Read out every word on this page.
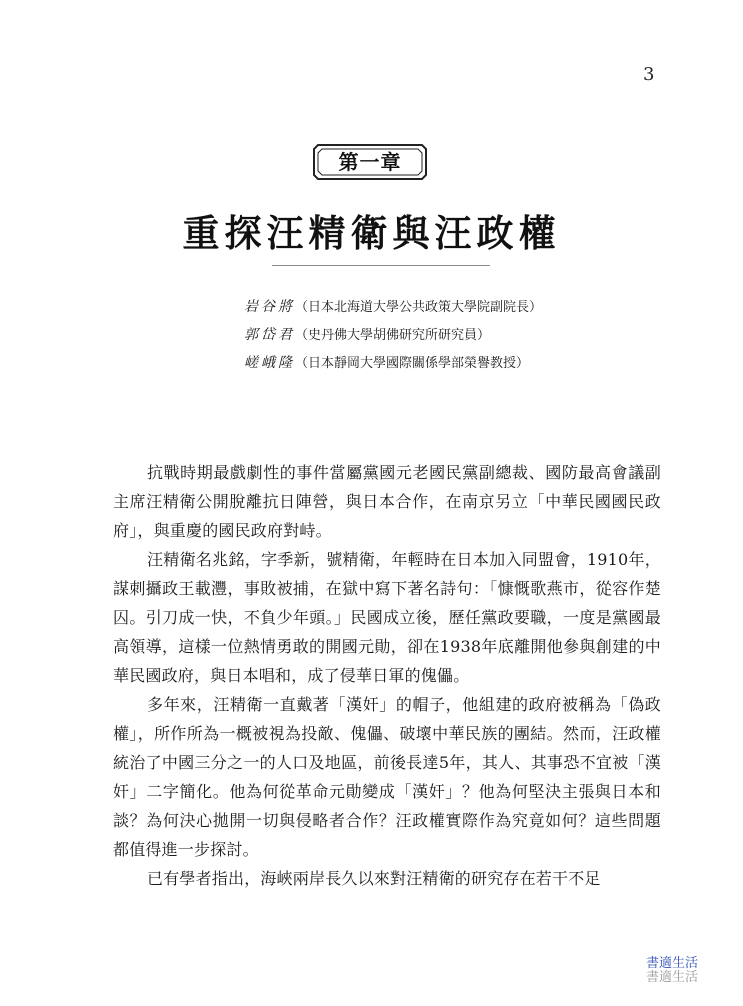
3
第一章
重探汪精衛與汪政權
岩谷將（日本北海道大學公共政策大學院副院長）
郭岱君（史丹佛大學胡佛研究所研究員）
嵯峨隆（日本靜岡大學國際關係學部榮譽教授）

抗戰時期最戲劇性的事件當屬黨國元老國民黨副總裁、國防最高會議副主席汪精衛公開脫離抗日陣營，與日本合作，在南京另立「中華民國國民政府」，與重慶的國民政府對峙。

汪精衛名兆銘，字季新，號精衛，年輕時在日本加入同盟會，1910年，謀刺攝政王載灃，事敗被捕，在獄中寫下著名詩句：「慷慨歌燕市，從容作楚囚。引刀成一快，不負少年頭。」民國成立後，歷任黨政要職，一度是黨國最高領導，這樣一位熱情勇敢的開國元勛，卻在1938年底離開他參與創建的中華民國政府，與日本唱和，成了侵華日軍的傀儡。

多年來，汪精衛一直戴著「漢奸」的帽子，他組建的政府被稱為「偽政權」，所作所為一概被視為投敵、傀儡、破壞中華民族的團結。然而，汪政權統治了中國三分之一的人口及地區，前後長達5年，其人、其事恐不宜被「漢奸」二字簡化。他為何從革命元勛變成「漢奸」？他為何堅決主張與日本和談？為何決心拋開一切與侵略者合作？汪政權實際作為究竟如何？這些問題都值得進一步探討。

已有學者指出，海峽兩岸長久以來對汪精衛的研究存在若干不足

書適生活
書適生活
